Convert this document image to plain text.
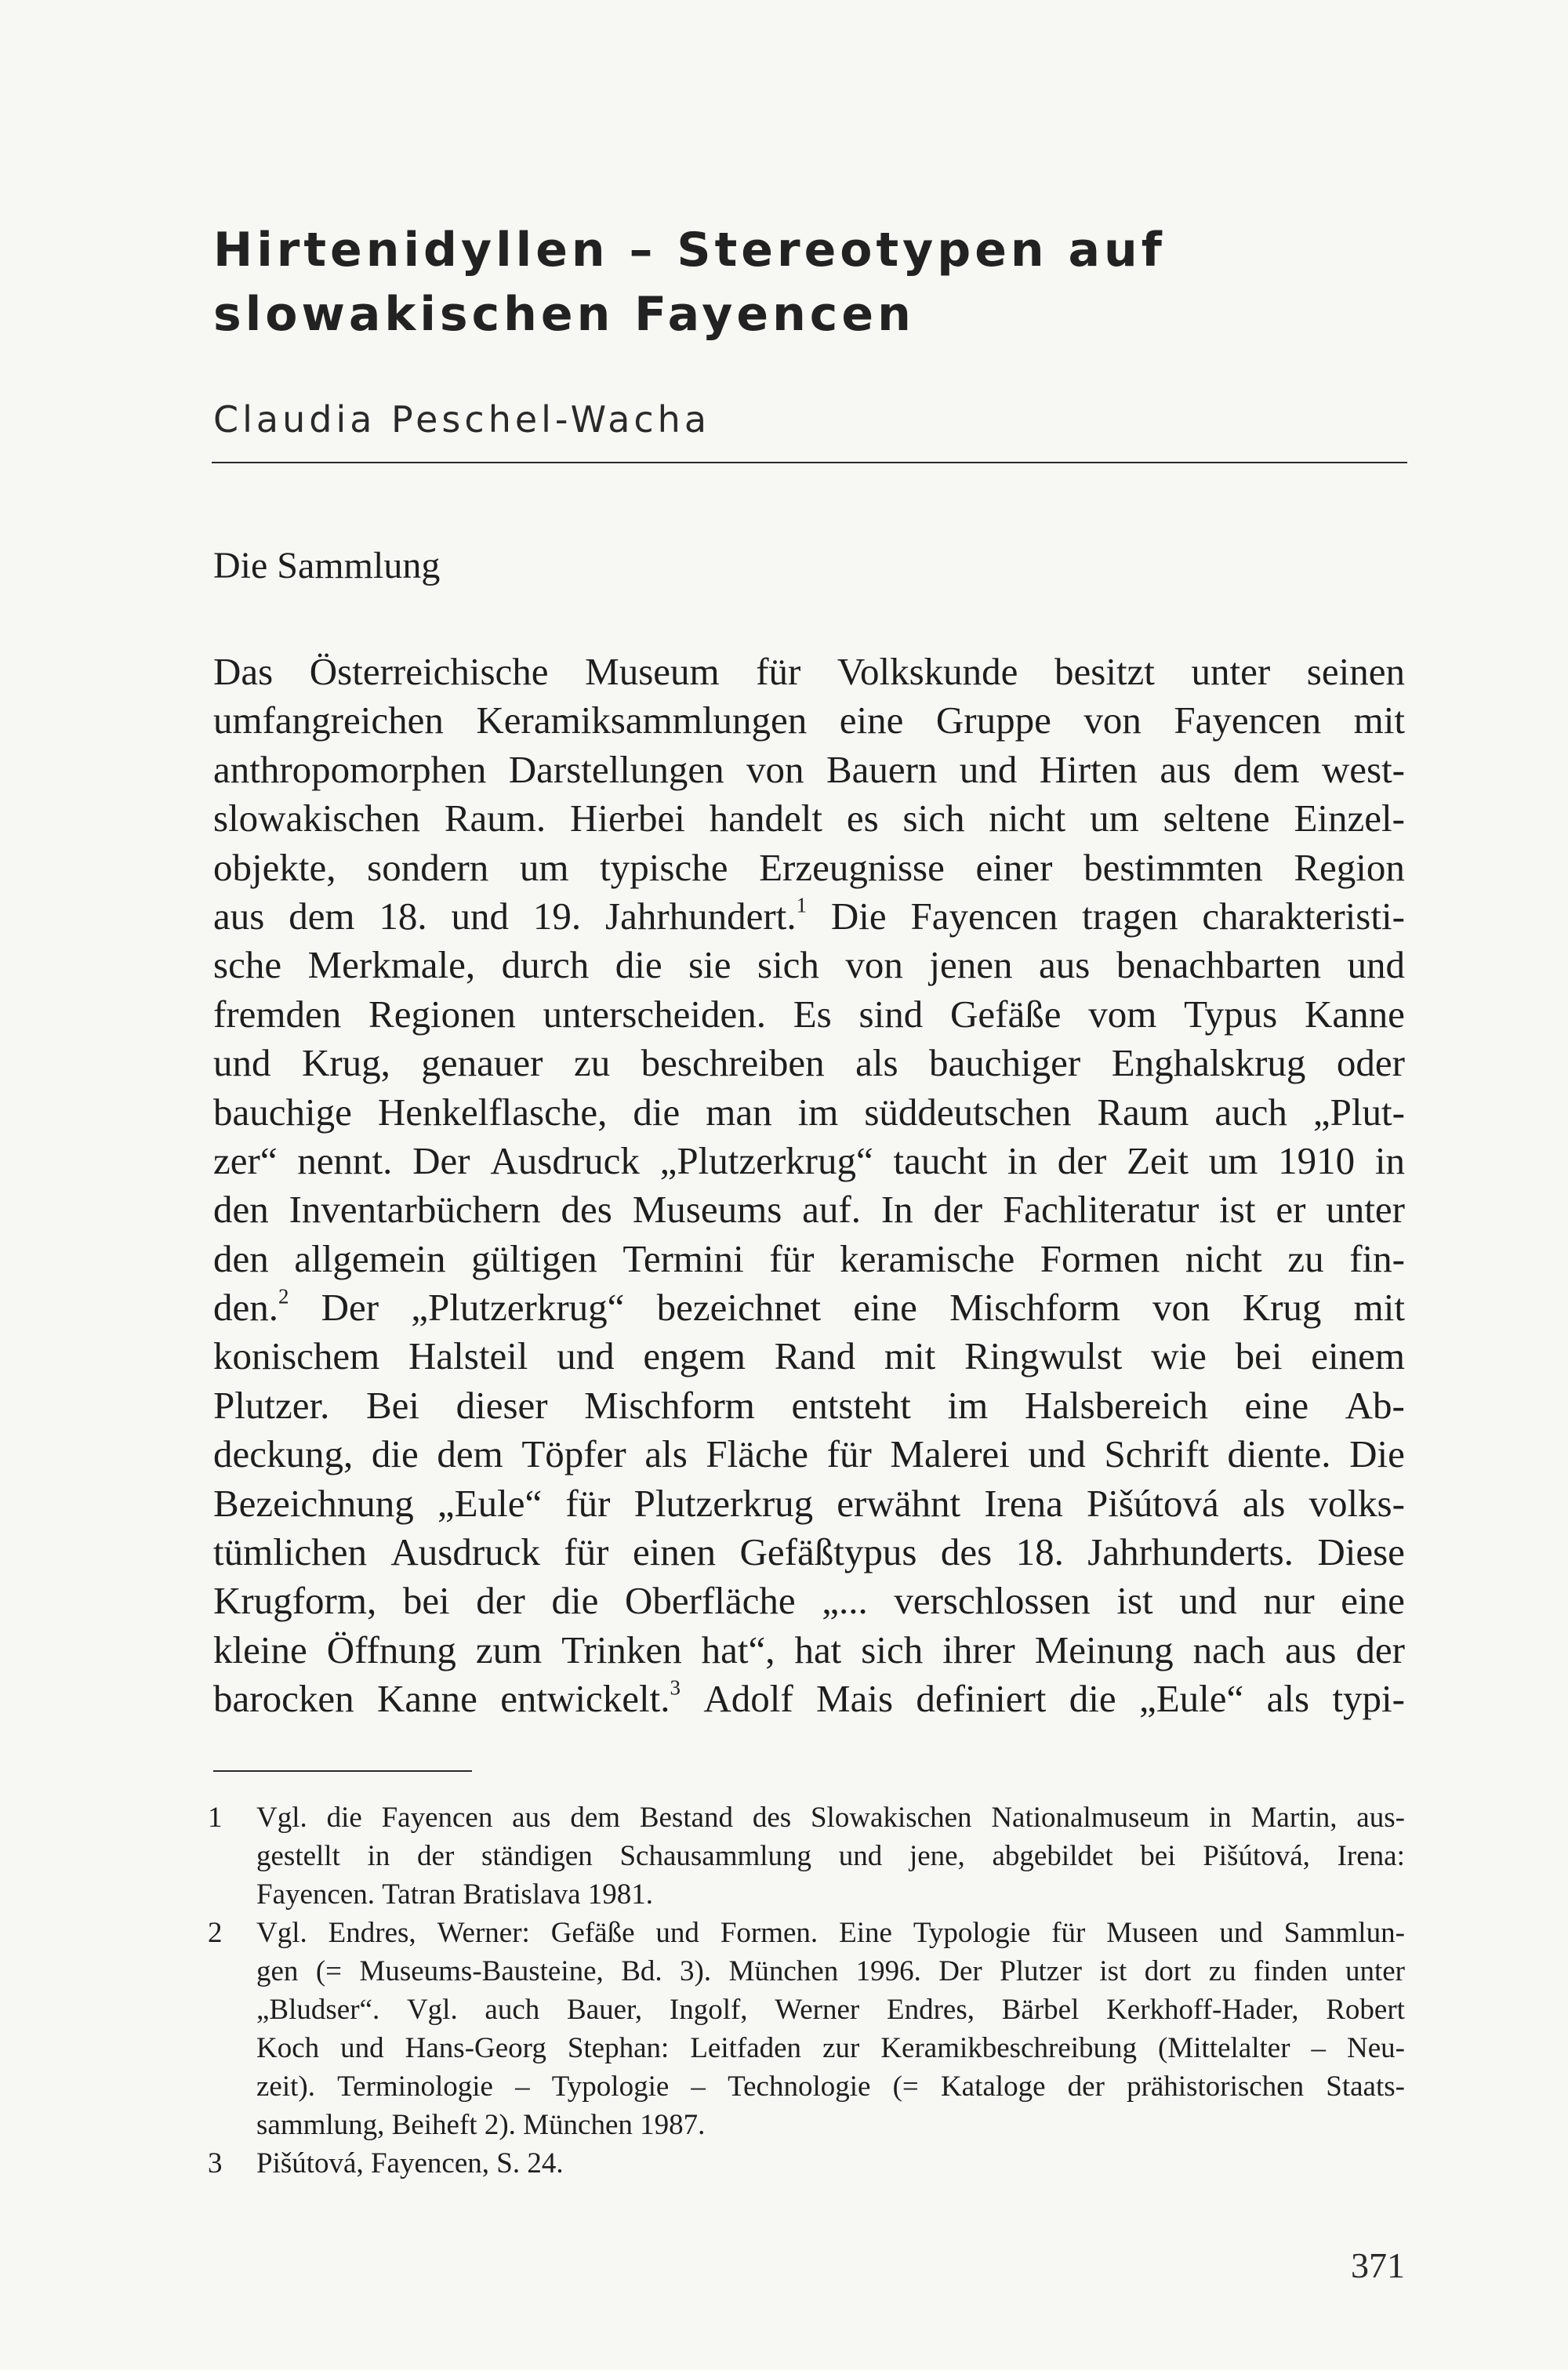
Hirtenidyllen – Stereotypen auf
slowakischen Fayencen
Claudia Peschel-Wacha
Die Sammlung
Das Österreichische Museum für Volkskunde besitzt unter seinen
umfangreichen Keramiksammlungen eine Gruppe von Fayencen mit
anthropomorphen Darstellungen von Bauern und Hirten aus dem west-
slowakischen Raum. Hierbei handelt es sich nicht um seltene Einzel-
objekte, sondern um typische Erzeugnisse einer bestimmten Region
aus dem 18. und 19. Jahrhundert.$^1$ Die Fayencen tragen charakteristi-
sche Merkmale, durch die sie sich von jenen aus benachbarten und
fremden Regionen unterscheiden. Es sind Gefäße vom Typus Kanne
und Krug, genauer zu beschreiben als bauchiger Enghalskrug oder
bauchige Henkelflasche, die man im süddeutschen Raum auch „Plut-
zer“ nennt. Der Ausdruck „Plutzerkrug“ taucht in der Zeit um 1910 in
den Inventarbüchern des Museums auf. In der Fachliteratur ist er unter
den allgemein gültigen Termini für keramische Formen nicht zu fin-
den.$^2$ Der „Plutzerkrug“ bezeichnet eine Mischform von Krug mit
konischem Halsteil und engem Rand mit Ringwulst wie bei einem
Plutzer. Bei dieser Mischform entsteht im Halsbereich eine Ab-
deckung, die dem Töpfer als Fläche für Malerei und Schrift diente. Die
Bezeichnung „Eule“ für Plutzerkrug erwähnt Irena Pišútová als volks-
tümlichen Ausdruck für einen Gefäßtypus des 18. Jahrhunderts. Diese
Krugform, bei der die Oberfläche „... verschlossen ist und nur eine
kleine Öffnung zum Trinken hat“, hat sich ihrer Meinung nach aus der
barocken Kanne entwickelt.$^3$ Adolf Mais definiert die „Eule“ als typi-
1	Vgl. die Fayencen aus dem Bestand des Slowakischen Nationalmuseum in Martin, aus-
gestellt in der ständigen Schausammlung und jene, abgebildet bei Pišútová, Irena:
Fayencen. Tatran Bratislava 1981.
2	Vgl. Endres, Werner: Gefäße und Formen. Eine Typologie für Museen und Sammlun-
gen (= Museums-Bausteine, Bd. 3). München 1996. Der Plutzer ist dort zu finden unter
„Bludser“. Vgl. auch Bauer, Ingolf, Werner Endres, Bärbel Kerkhoff-Hader, Robert
Koch und Hans-Georg Stephan: Leitfaden zur Keramikbeschreibung (Mittelalter – Neu-
zeit). Terminologie – Typologie – Technologie (= Kataloge der prähistorischen Staats-
sammlung, Beiheft 2). München 1987.
3	Pišútová, Fayencen, S. 24.
371
